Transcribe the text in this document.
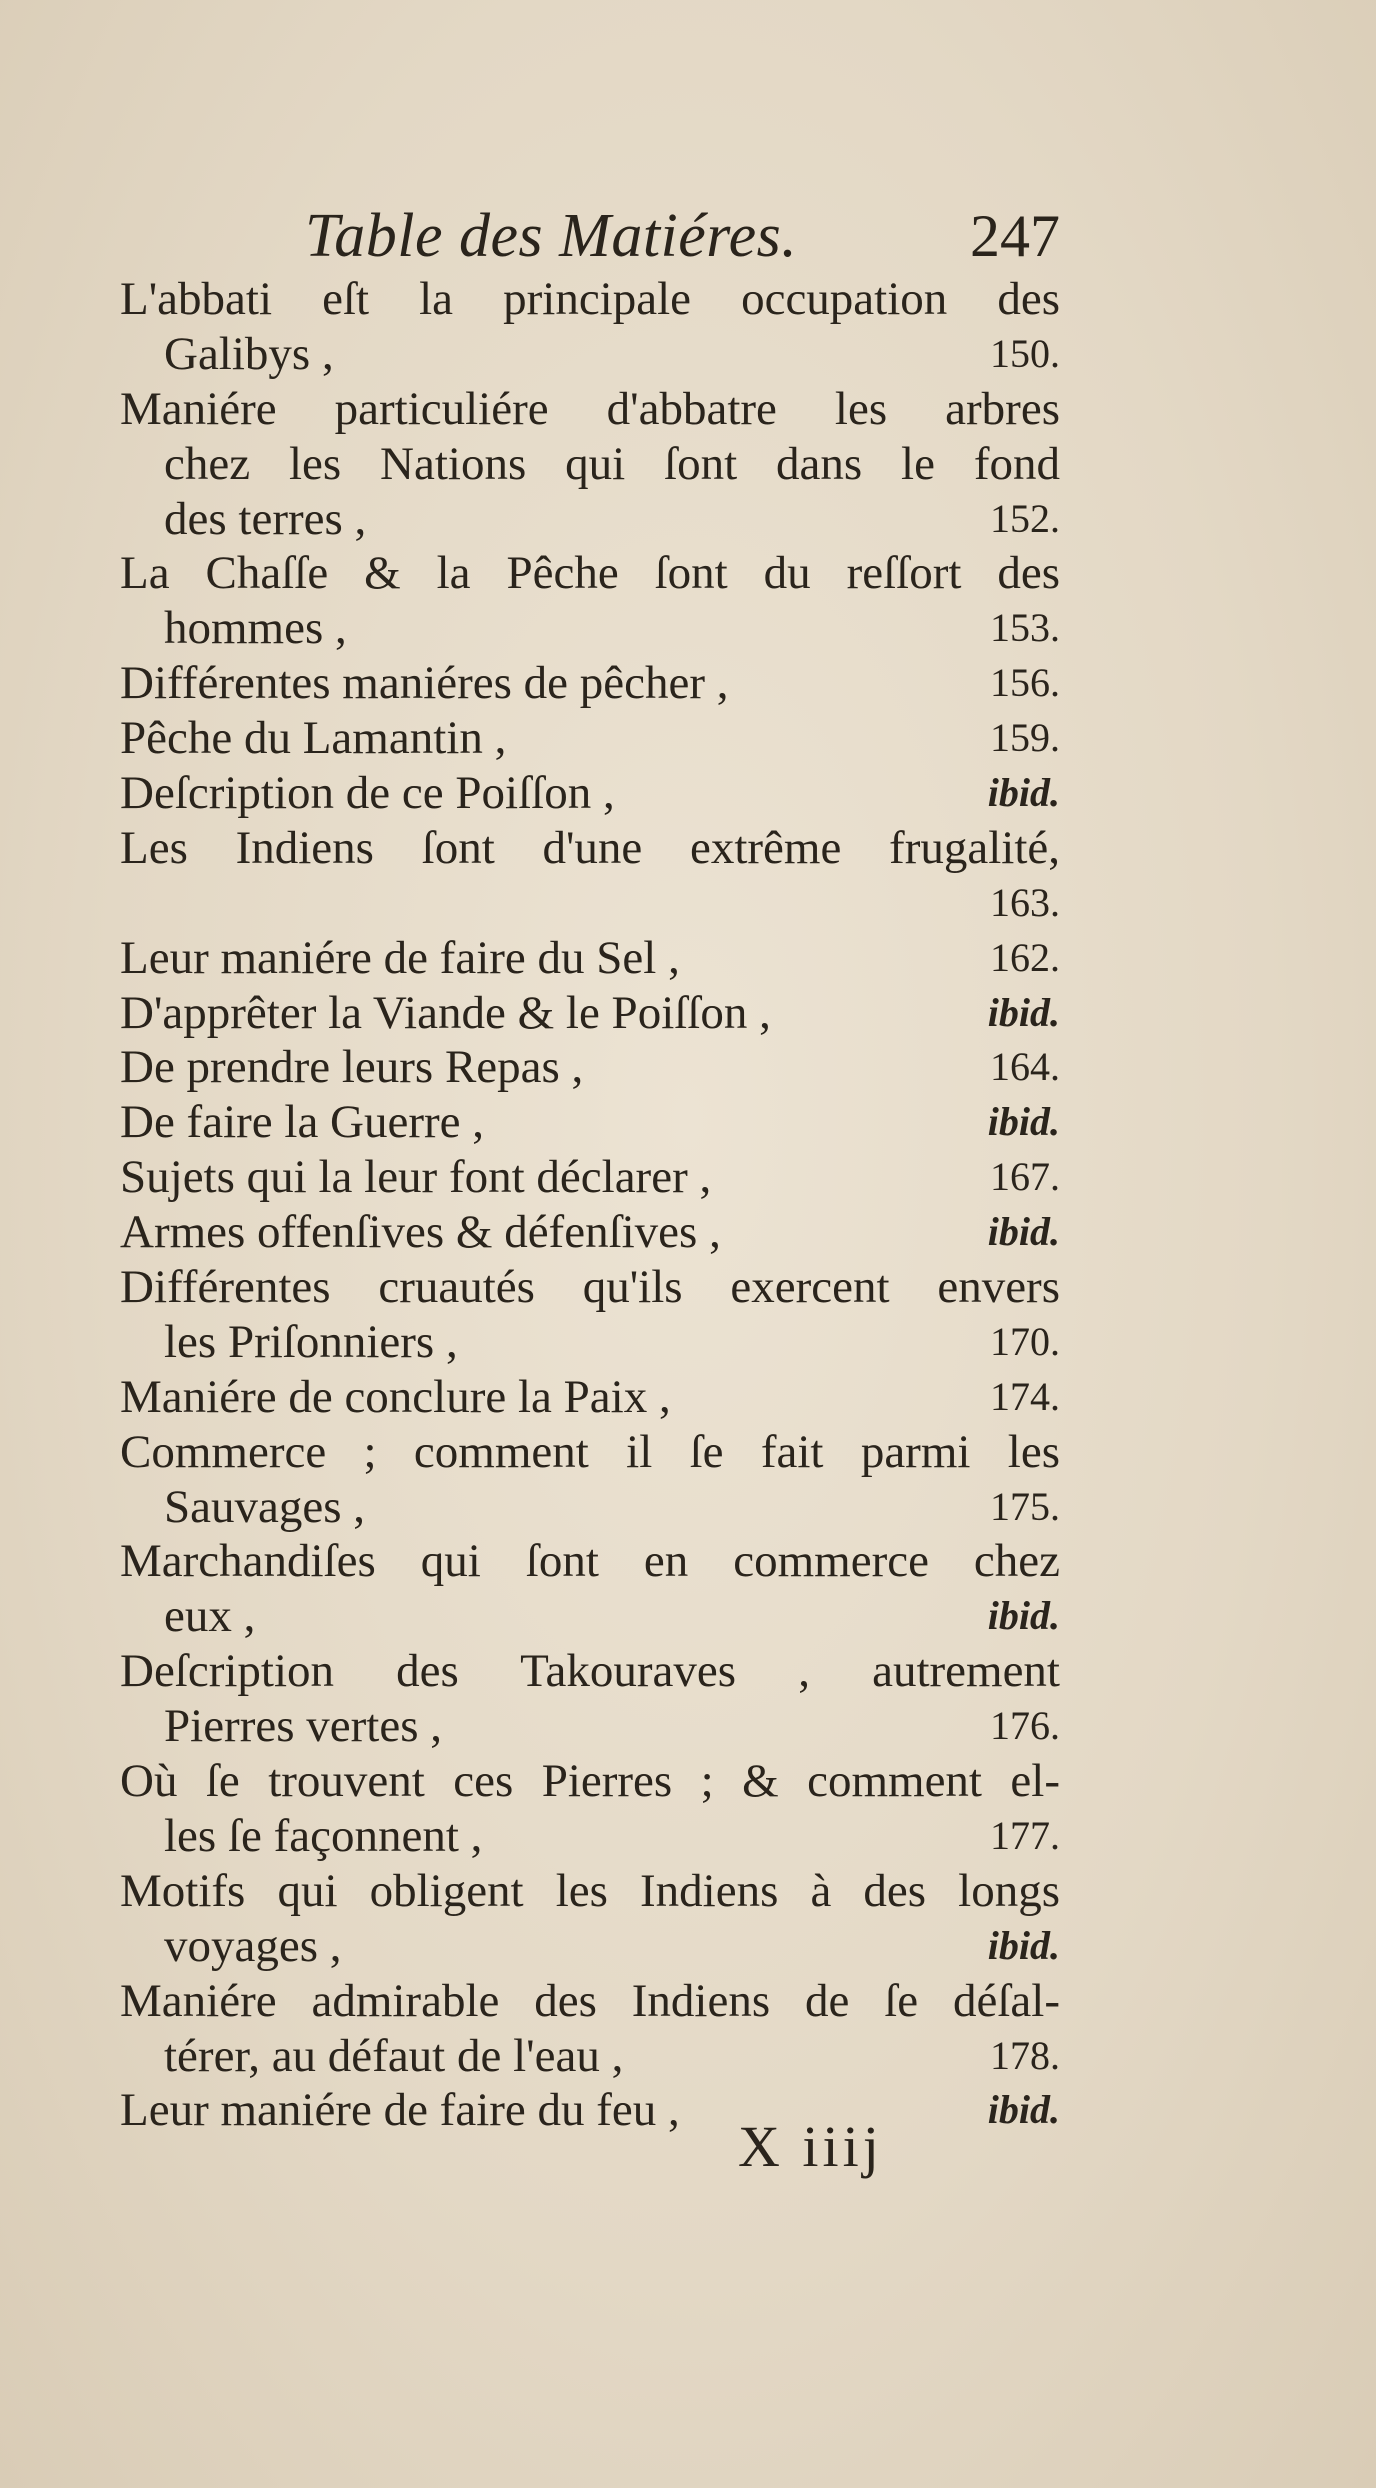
Table des Matiéres.	247
L'abbati eſt la principale occupation des
Galibys ,	150.
Maniére particuliére d'abbatre les arbres
chez les Nations qui ſont dans le fond
des terres ,	152.
La Chaſſe & la Pêche ſont du reſſort des
hommes ,	153.
Différentes maniéres de pêcher ,	156.
Pêche du Lamantin ,	159.
Deſcription de ce Poiſſon ,	ibid.
Les Indiens ſont d'une extrême frugalité,
163.
Leur maniére de faire du Sel ,	162.
D'apprêter la Viande & le Poiſſon ,	ibid.
De prendre leurs Repas ,	164.
De faire la Guerre ,	ibid.
Sujets qui la leur font déclarer ,	167.
Armes offenſives & défenſives ,	ibid.
Différentes cruautés qu'ils exercent envers
les Priſonniers ,	170.
Maniére de conclure la Paix ,	174.
Commerce ; comment il ſe fait parmi les
Sauvages ,	175.
Marchandiſes qui ſont en commerce chez
eux ,	ibid.
Deſcription des Takouraves , autrement
Pierres vertes ,	176.
Où ſe trouvent ces Pierres ; & comment el-
les ſe façonnent ,	177.
Motifs qui obligent les Indiens à des longs
voyages ,	ibid.
Maniére admirable des Indiens de ſe déſal-
térer, au défaut de l'eau ,	178.
Leur maniére de faire du feu ,	ibid.
X iiij
